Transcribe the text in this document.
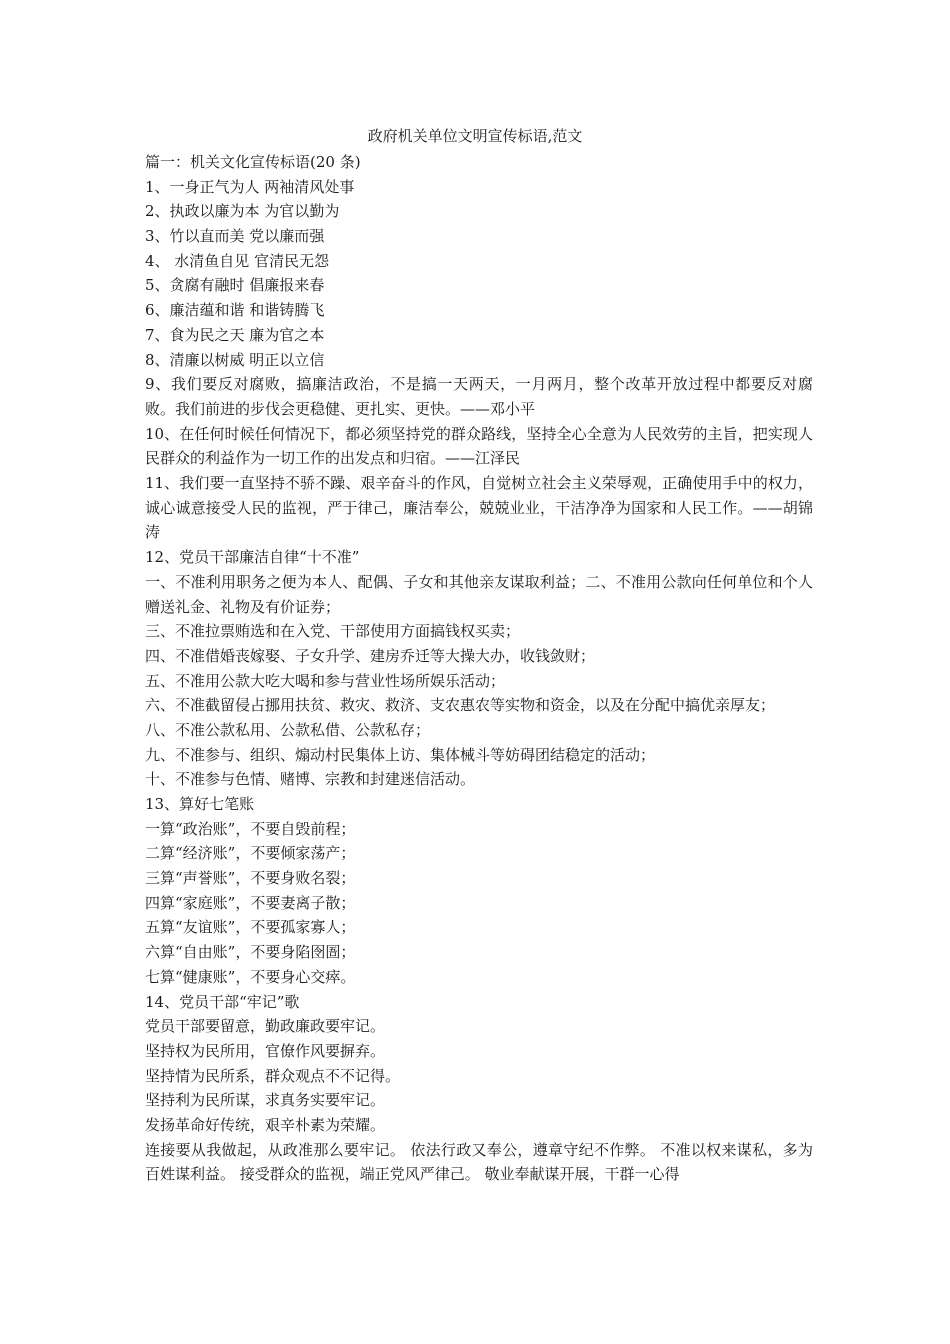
政府机关单位文明宣传标语,范文
篇一：机关文化宣传标语(20 条)
1、一身正气为人 两袖清风处事
2、执政以廉为本 为官以勤为
3、竹以直而美 党以廉而强
4、 水清鱼自见 官清民无怨
5、贪腐有融时 倡廉报来春
6、廉洁蕴和谐 和谐铸腾飞
7、食为民之天 廉为官之本
8、清廉以树威 明正以立信
9、我们要反对腐败，搞廉洁政治，不是搞一天两天，一月两月，整个改革开放过程中都要反对腐败。我们前进的步伐会更稳健、更扎实、更快。——邓小平
10、在任何时候任何情况下，都必须坚持党的群众路线，坚持全心全意为人民效劳的主旨，把实现人民群众的利益作为一切工作的出发点和归宿。——江泽民
11、我们要一直坚持不骄不躁、艰辛奋斗的作风，自觉树立社会主义荣辱观，正确使用手中的权力，诚心诚意接受人民的监视，严于律己，廉洁奉公，兢兢业业，干洁净净为国家和人民工作。——胡锦涛
12、党员干部廉洁自律“十不准”
一、不准利用职务之便为本人、配偶、子女和其他亲友谋取利益；二、不准用公款向任何单位和个人赠送礼金、礼物及有价证券；
三、不准拉票贿选和在入党、干部使用方面搞钱权买卖；
四、不准借婚丧嫁娶、子女升学、建房乔迁等大操大办，收钱敛财；
五、不准用公款大吃大喝和参与营业性场所娱乐活动；
六、不准截留侵占挪用扶贫、救灾、救济、支农惠农等实物和资金，以及在分配中搞优亲厚友；
八、不准公款私用、公款私借、公款私存；
九、不准参与、组织、煽动村民集体上访、集体械斗等妨碍团结稳定的活动；
十、不准参与色情、赌博、宗教和封建迷信活动。
13、算好七笔账
一算“政治账”，不要自毁前程；
二算“经济账”，不要倾家荡产；
三算“声誉账”，不要身败名裂；
四算“家庭账”，不要妻离子散；
五算“友谊账”，不要孤家寡人；
六算“自由账”，不要身陷囹圄；
七算“健康账”，不要身心交瘁。
14、党员干部“牢记”歌
党员干部要留意，勤政廉政要牢记。
坚持权为民所用，官僚作风要摒弃。
坚持情为民所系，群众观点不不记得。
坚持利为民所谋，求真务实要牢记。
发扬革命好传统，艰辛朴素为荣耀。
连接要从我做起，从政准那么要牢记。 依法行政又奉公，遵章守纪不作弊。 不准以权来谋私，多为百姓谋利益。 接受群众的监视，端正党风严律己。 敬业奉献谋开展，干群一心得
